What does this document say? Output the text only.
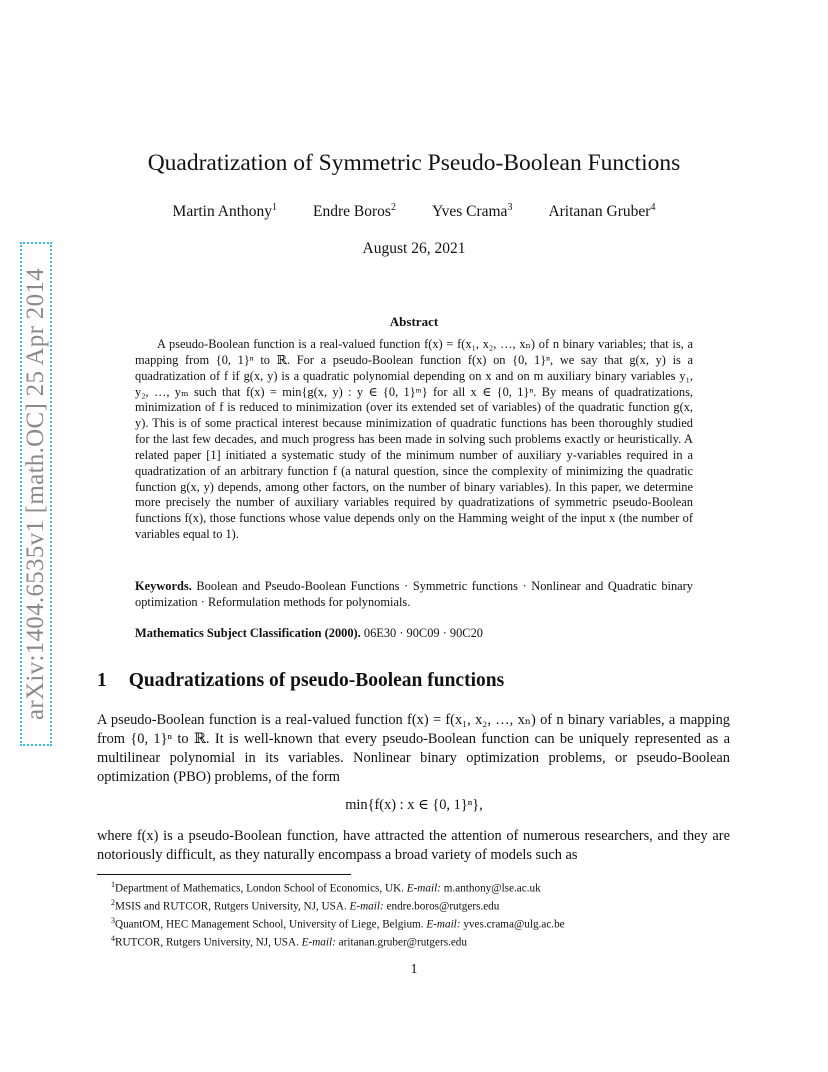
arXiv:1404.6535v1 [math.OC] 25 Apr 2014
Quadratization of Symmetric Pseudo-Boolean Functions
Martin Anthony$^1$ Endre Boros$^2$ Yves Crama$^3$ Aritanan Gruber$^4$
August 26, 2021
Abstract

A pseudo-Boolean function is a real-valued function f(x) = f(x₁, x₂, …, xₙ) of n binary variables; that is, a mapping from {0, 1}ⁿ to ℝ. For a pseudo-Boolean function f(x) on {0, 1}ⁿ, we say that g(x, y) is a quadratization of f if g(x, y) is a quadratic polynomial depending on x and on m auxiliary binary variables y₁, y₂, …, yₘ such that f(x) = min{g(x, y) : y ∈ {0, 1}ᵐ} for all x ∈ {0, 1}ⁿ. By means of quadratizations, minimization of f is reduced to minimization (over its extended set of variables) of the quadratic function g(x, y). This is of some practical interest because minimization of quadratic functions has been thoroughly studied for the last few decades, and much progress has been made in solving such problems exactly or heuristically. A related paper [1] initiated a systematic study of the minimum number of auxiliary y-variables required in a quadratization of an arbitrary function f (a natural question, since the complexity of minimizing the quadratic function g(x, y) depends, among other factors, on the number of binary variables). In this paper, we determine more precisely the number of auxiliary variables required by quadratizations of symmetric pseudo-Boolean functions f(x), those functions whose value depends only on the Hamming weight of the input x (the number of variables equal to 1).

Keywords. Boolean and Pseudo-Boolean Functions · Symmetric functions · Nonlinear and Quadratic binary optimization · Reformulation methods for polynomials.

Mathematics Subject Classification (2000). 06E30 · 90C09 · 90C20

1 Quadratizations of pseudo-Boolean functions

A pseudo-Boolean function is a real-valued function f(x) = f(x₁, x₂, …, xₙ) of n binary variables, a mapping from {0, 1}ⁿ to ℝ. It is well-known that every pseudo-Boolean function can be uniquely represented as a multilinear polynomial in its variables. Nonlinear binary optimization problems, or pseudo-Boolean optimization (PBO) problems, of the form

min{f(x) : x ∈ {0, 1}ⁿ},

where f(x) is a pseudo-Boolean function, have attracted the attention of numerous researchers, and they are notoriously difficult, as they naturally encompass a broad variety of models such as

$^1$Department of Mathematics, London School of Economics, UK. E-mail: m.anthony@lse.ac.uk
$^2$MSIS and RUTCOR, Rutgers University, NJ, USA. E-mail: endre.boros@rutgers.edu
$^3$QuantOM, HEC Management School, University of Liege, Belgium. E-mail: yves.crama@ulg.ac.be
$^4$RUTCOR, Rutgers University, NJ, USA. E-mail: aritanan.gruber@rutgers.edu
1
